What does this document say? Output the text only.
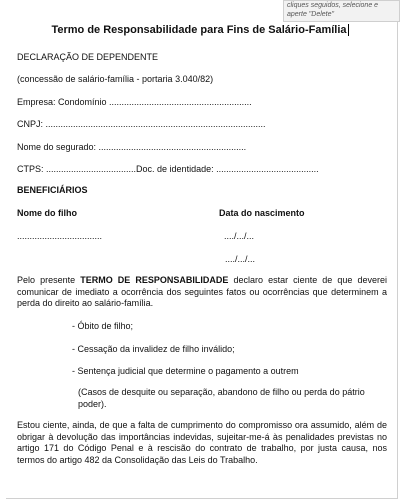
cliques seguidos, selecione e
aperte "Delete"
Termo de Responsabilidade para Fins de Salário-Família
DECLARAÇÃO DE DEPENDENTE
(concessão de salário-família - portaria 3.040/82)
Empresa: Condomínio .........................................................
CNPJ: ........................................................................................
Nome do segurado: ...........................................................
CTPS: ....................................Doc. de identidade: .........................................
BENEFICIÁRIOS
Nome do filho	Data do nascimento
..................................	..../.../...
..../.../...
Pelo presente TERMO DE RESPONSABILIDADE declaro estar ciente de que deverei comunicar de imediato a ocorrência dos seguintes fatos ou ocorrências que determinem a perda do direito ao salário-família.
- Óbito de filho;
- Cessação da invalidez de filho inválido;
- Sentença judicial que determine o pagamento a outrem
(Casos de desquite ou separação, abandono de filho ou perda do pátrio poder).
Estou ciente, ainda, de que a falta de cumprimento do compromisso ora assumido, além de obrigar à devolução das importâncias indevidas, sujeitar-me-á às penalidades previstas no artigo 171 do Código Penal e à rescisão do contrato de trabalho, por justa causa, nos termos do artigo 482 da Consolidação das Leis do Trabalho.
